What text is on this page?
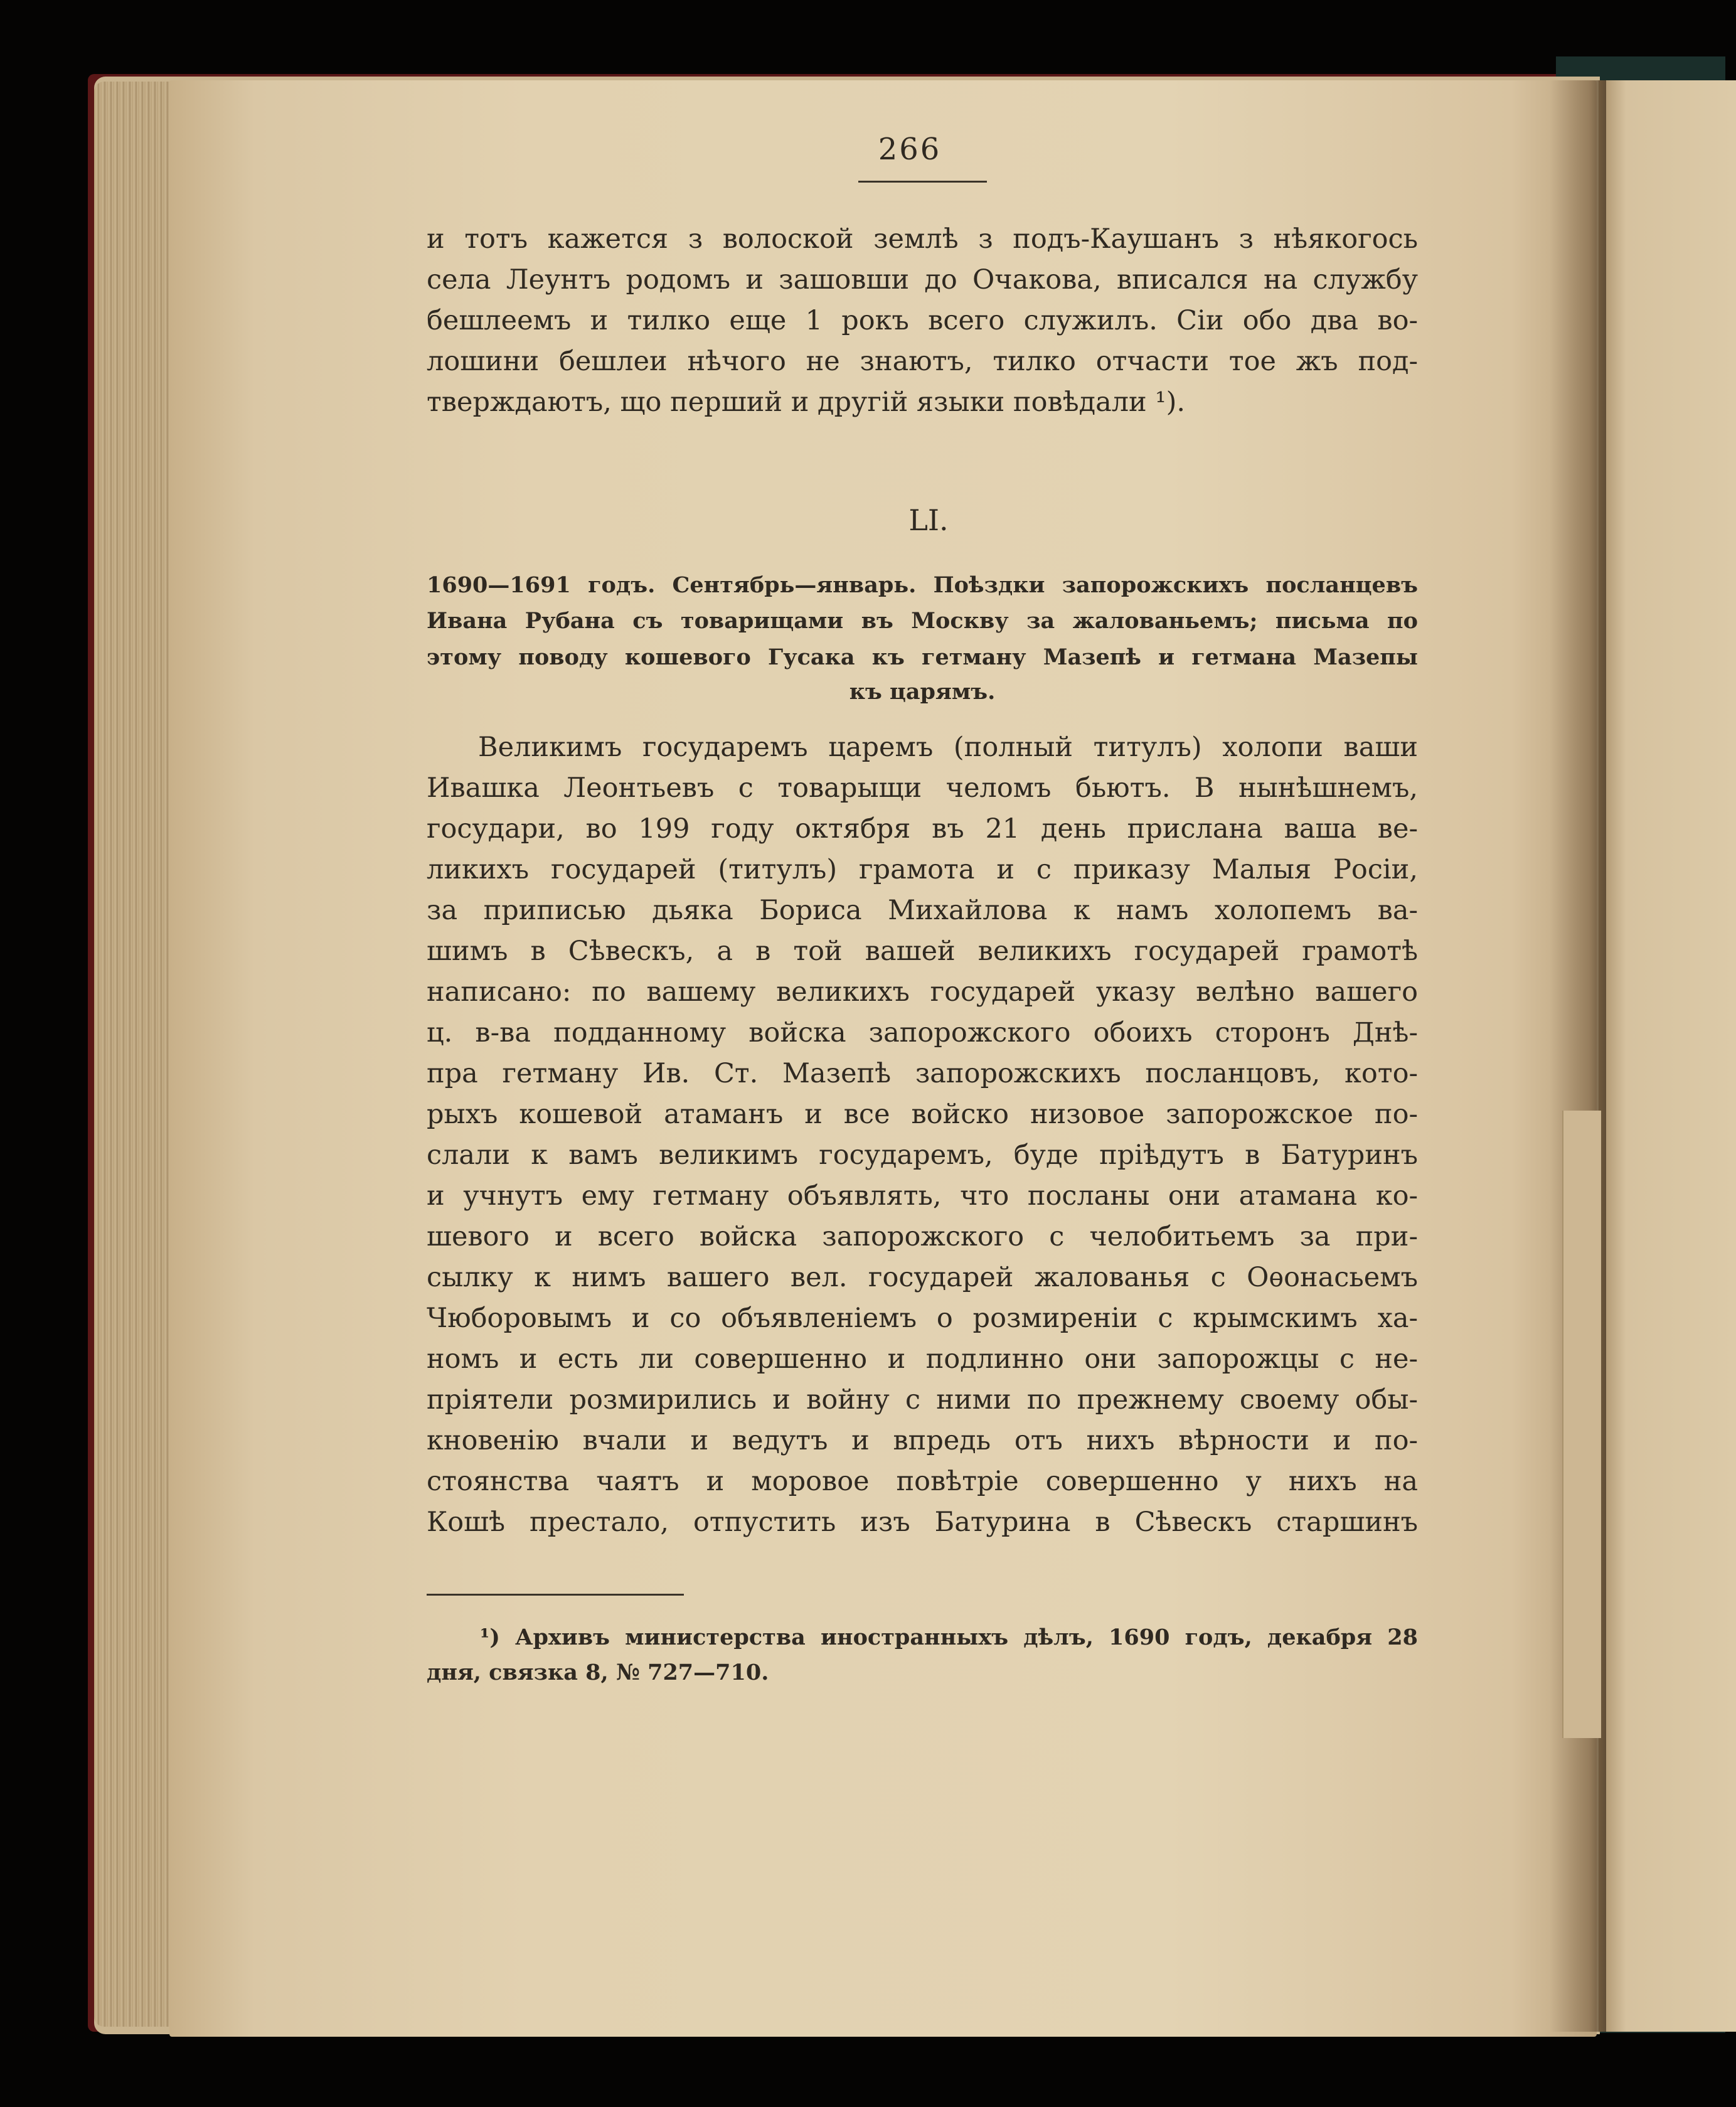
266
и тотъ кажется з волоской землѣ з подъ-Каушанъ з нѣякогось
села Леунтъ родомъ и зашовши до Очакова, вписался на службу
бешлеемъ и тилко еще 1 рокъ всего служилъ. Сіи обо два во-
лошини бешлеи нѣчого не знаютъ, тилко отчасти тое жъ под-
тверждаютъ, що перший и другій языки повѣдали ¹).
LI.
1690—1691 годъ. Сентябрь—январь. Поѣздки запорожскихъ посланцевъ
Ивана Рубана съ товарищами въ Москву за жалованьемъ; письма по
этому поводу кошевого Гусака къ гетману Мазепѣ и гетмана Мазепы
къ царямъ.
Великимъ государемъ царемъ (полный титулъ) холопи ваши
Ивашка Леонтьевъ с товарыщи челомъ бьютъ. В нынѣшнемъ,
государи, во 199 году октября въ 21 день прислана ваша ве-
ликихъ государей (титулъ) грамота и с приказу Малыя Росіи,
за приписью дьяка Бориса Михайлова к намъ холопемъ ва-
шимъ в Сѣвескъ, а в той вашей великихъ государей грамотѣ
написано: по вашему великихъ государей указу велѣно вашего
ц. в-ва подданному войска запорожского обоихъ сторонъ Днѣ-
пра гетману Ив. Ст. Мазепѣ запорожскихъ посланцовъ, кото-
рыхъ кошевой атаманъ и все войско низовое запорожское по-
слали к вамъ великимъ государемъ, буде пріѣдутъ в Батуринъ
и учнутъ ему гетману объявлять, что посланы они атамана ко-
шевого и всего войска запорожского с челобитьемъ за при-
сылку к нимъ вашего вел. государей жалованья с Оѳонасьемъ
Чюборовымъ и со объявленіемъ о розмиреніи с крымскимъ ха-
номъ и есть ли совершенно и подлинно они запорожцы с не-
пріятели розмирились и войну с ними по прежнему своему обы-
кновенію вчали и ведутъ и впредь отъ нихъ вѣрности и по-
стоянства чаятъ и моровое повѣтріе совершенно у нихъ на
Кошѣ престало, отпустить изъ Батурина в Сѣвескъ старшинъ
¹) Архивъ министерства иностранныхъ дѣлъ, 1690 годъ, декабря 28
дня, связка 8, № 727—710.
